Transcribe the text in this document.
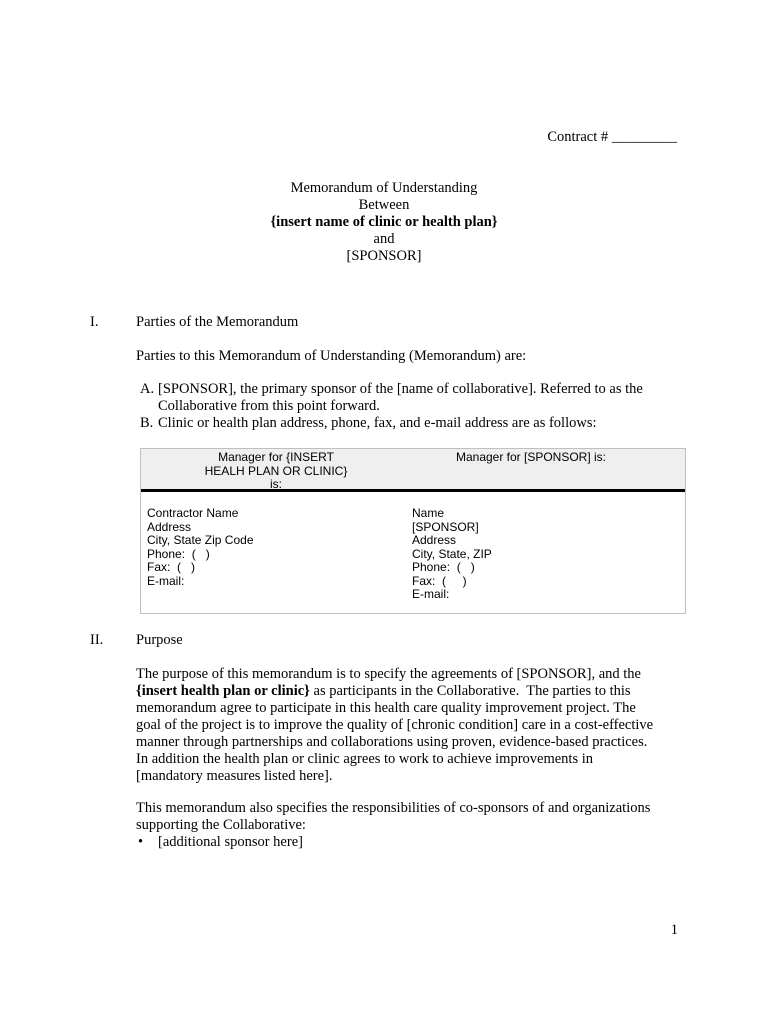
Contract # _________
Memorandum of Understanding
Between
{insert name of clinic or health plan}
and
[SPONSOR]
I.	Parties of the Memorandum
Parties to this Memorandum of Understanding (Memorandum) are:
A. [SPONSOR], the primary sponsor of the [name of collaborative]. Referred to as the
Collaborative from this point forward.
B. Clinic or health plan address, phone, fax, and e-mail address are as follows:
Manager for {INSERT
HEALH PLAN OR CLINIC}
is:
Manager for [SPONSOR] is:
Contractor Name
Address
City, State Zip Code
Phone:  (   )
Fax:  (   )
E-mail:
Name
[SPONSOR]
Address
City, State, ZIP
Phone:  (   )
Fax:  (     )
E-mail:
II. Purpose
The purpose of this memorandum is to specify the agreements of [SPONSOR], and the
{insert health plan or clinic} as participants in the Collaborative.  The parties to this
memorandum agree to participate in this health care quality improvement project. The
goal of the project is to improve the quality of [chronic condition] care in a cost-effective
manner through partnerships and collaborations using proven, evidence-based practices.
In addition the health plan or clinic agrees to work to achieve improvements in
[mandatory measures listed here].
This memorandum also specifies the responsibilities of co-sponsors of and organizations
supporting the Collaborative:
• [additional sponsor here]
1
